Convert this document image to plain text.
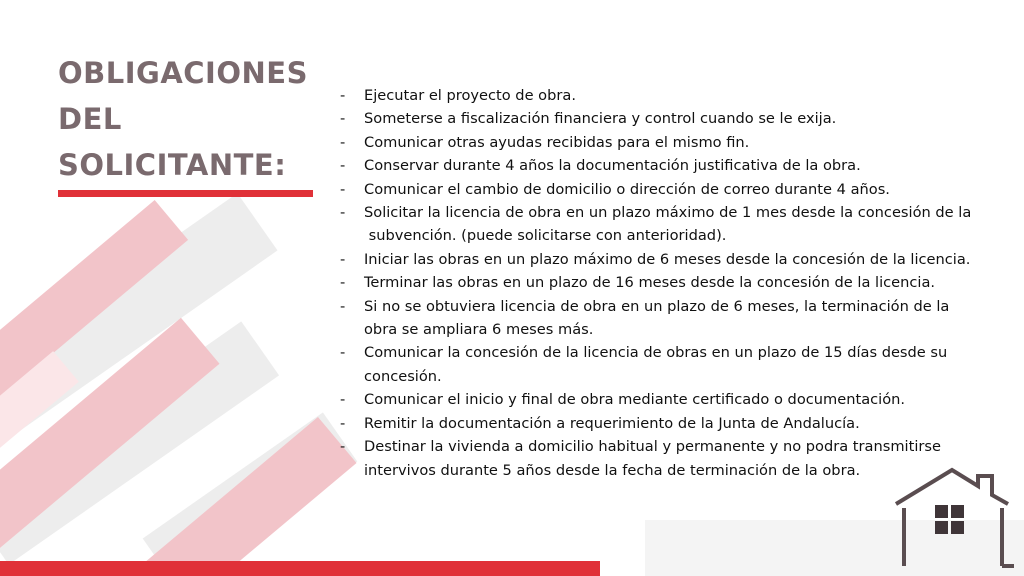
OBLIGACIONES
DEL
SOLICITANTE:
-	Ejecutar el proyecto de obra.
-	Someterse a fiscalización financiera y control cuando se le exija.
-	Comunicar otras ayudas recibidas para el mismo fin.
-	Conservar durante 4 años la documentación justificativa de la obra.
-	Comunicar el cambio de domicilio o dirección de correo durante 4 años.
-	Solicitar la licencia de obra en un plazo máximo de 1 mes desde la concesión de la
subvención. (puede solicitarse con anterioridad).
-	Iniciar las obras en un plazo máximo de 6 meses desde la concesión de la licencia.
-	Terminar las obras en un plazo de 16 meses desde la concesión de la licencia.
-	Si no se obtuviera licencia de obra en un plazo de 6 meses, la terminación de la
obra se ampliara 6 meses más.
-	Comunicar la concesión de la licencia de obras en un plazo de 15 días desde su
concesión.
-	Comunicar el inicio y final de obra mediante certificado o documentación.
-	Remitir la documentación a requerimiento de la Junta de Andalucía.
-	Destinar la vivienda a domicilio habitual y permanente y no podra transmitirse
intervivos durante 5 años desde la fecha de terminación de la obra.
